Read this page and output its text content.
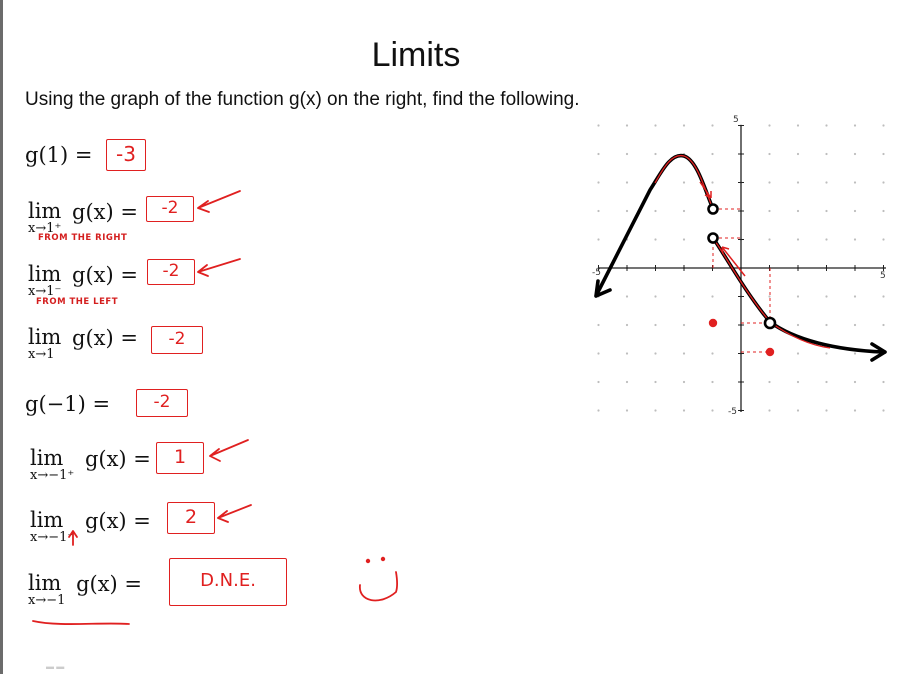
Limits
Using the graph of the function g(x) on the right, find the following.
g(1) =	-3
lim
x→1⁺
g(x) =
FROM THE RIGHT
-2
lim
x→1⁻
g(x) =
FROM THE LEFT
-2
lim
x→1
g(x) =	-2
g(−1) =	-2
lim
x→−1⁺
g(x) =	1
lim
x→−1⁻
g(x) =	2
lim
x→−1
g(x) =	D.N.E.
5
-5
-5	5
▬ ▬
